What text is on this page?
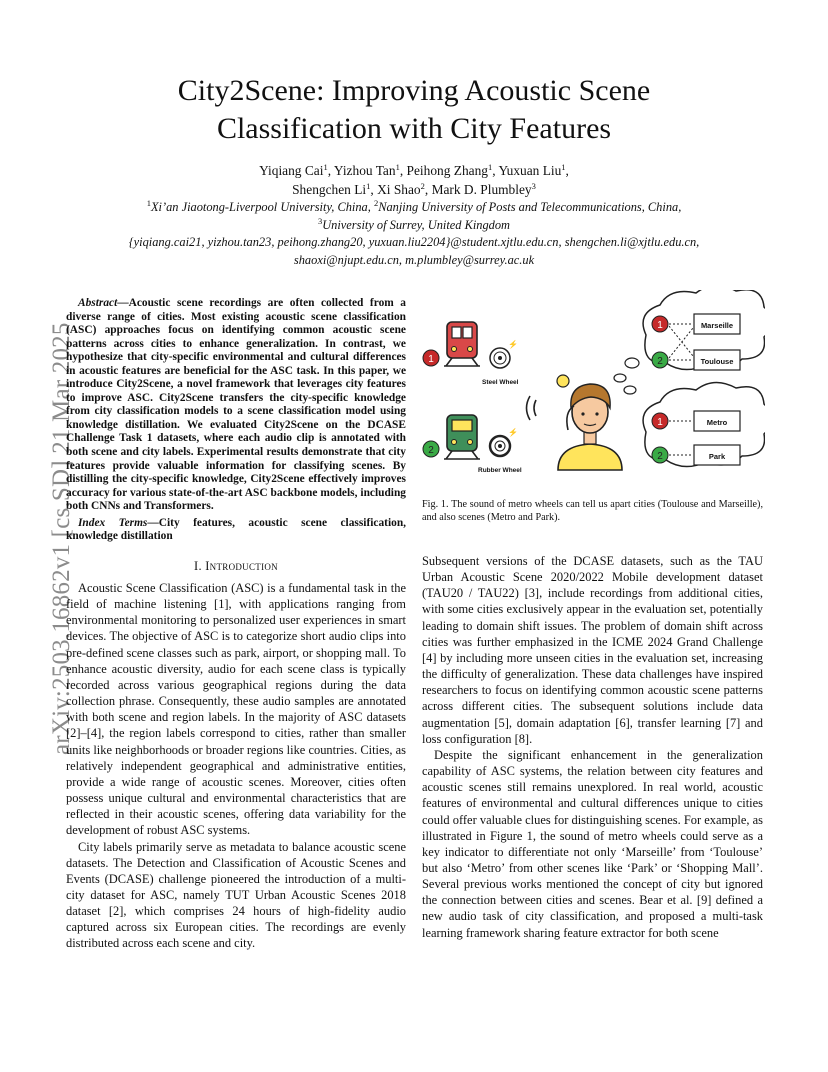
arXiv:2503.16862v1 [cs.SD] 21 Mar 2025
City2Scene: Improving Acoustic Scene
Classification with City Features
Yiqiang Cai$^1$, Yizhou Tan$^1$, Peihong Zhang$^1$, Yuxuan Liu$^1$,
Shengchen Li$^1$, Xi Shao$^2$, Mark D. Plumbley$^3$
$^1$Xi’an Jiaotong-Liverpool University, China, $^2$Nanjing University of Posts and Telecommunications, China,
$^3$University of Surrey, United Kingdom
{yiqiang.cai21, yizhou.tan23, peihong.zhang20, yuxuan.liu2204}@student.xjtlu.edu.cn, shengchen.li@xjtlu.edu.cn,
shaoxi@njupt.edu.cn, m.plumbley@surrey.ac.uk

Abstract—Acoustic scene recordings are often collected from a diverse range of cities. Most existing acoustic scene classification (ASC) approaches focus on identifying common acoustic scene patterns across cities to enhance generalization. In contrast, we hypothesize that city-specific environmental and cultural differences in acoustic features are beneficial for the ASC task. In this paper, we introduce City2Scene, a novel framework that leverages city features to improve ASC. City2Scene transfers the city-specific knowledge from city classification models to a scene classification model using knowledge distillation. We evaluated City2Scene on the DCASE Challenge Task 1 datasets, where each audio clip is annotated with both scene and city labels. Experimental results demonstrate that city features provide valuable information for classifying scenes. By distilling the city-specific knowledge, City2Scene effectively improves accuracy for various state-of-the-art ASC backbone models, including both CNNs and Transformers.

Index Terms—City features, acoustic scene classification, knowledge distillation

I. Introduction

Acoustic Scene Classification (ASC) is a fundamental task in the field of machine listening [1], with applications ranging from environmental monitoring to personalized user experiences in smart devices. The objective of ASC is to categorize short audio clips into pre-defined scene classes such as park, airport, or shopping mall. To enhance acoustic diversity, audio for each scene class is typically recorded across various geographical regions during the data collection phrase. Consequently, these audio samples are annotated with both scene and region labels. In the majority of ASC datasets [2]–[4], the region labels correspond to cities, rather than smaller units like neighborhoods or broader regions like countries. Cities, as relatively independent geographical and administrative entities, provide a wide range of acoustic scenes. Moreover, cities often possess unique cultural and environmental characteristics that are reflected in their acoustic scenes, offering data variability for the development of robust ASC systems.

City labels primarily serve as metadata to balance acoustic scene datasets. The Detection and Classification of Acoustic Scenes and Events (DCASE) challenge pioneered the introduction of a multi-city dataset for ASC, namely TUT Urban Acoustic Scenes 2018 dataset [2], which comprises 24 hours of high-fidelity audio captured across six European cities. The recordings are evenly distributed across each scene and city.

1
2
⚡
Steel Wheel
⚡
Rubber Wheel
1
2
Marseille
Toulouse
1
2
Metro
Park
Fig. 1. The sound of metro wheels can tell us apart cities (Toulouse and Marseille), and also scenes (Metro and Park).

Subsequent versions of the DCASE datasets, such as the TAU Urban Acoustic Scene 2020/2022 Mobile development dataset (TAU20 / TAU22) [3], include recordings from additional cities, with some cities exclusively appear in the evaluation set, potentially leading to domain shift issues. The problem of domain shift across cities was further emphasized in the ICME 2024 Grand Challenge [4] by including more unseen cities in the evaluation set, increasing the difficulty of generalization. These data challenges have inspired researchers to focus on identifying common acoustic scene patterns across different cities. The subsequent solutions include data augmentation [5], domain adaptation [6], transfer learning [7] and loss configuration [8].

Despite the significant enhancement in the generalization capability of ASC systems, the relation between city features and acoustic scenes still remains unexplored. In real world, acoustic features of environmental and cultural differences unique to cities could offer valuable clues for distinguishing scenes. For example, as illustrated in Figure 1, the sound of metro wheels could serve as a key indicator to differentiate not only ‘Marseille’ from ‘Toulouse’ but also ‘Metro’ from other scenes like ‘Park’ or ‘Shopping Mall’. Several previous works mentioned the concept of city but ignored the connection between cities and scenes. Bear et al. [9] defined a new audio task of city classification, and proposed a multi-task learning framework sharing feature extractor for both scene
